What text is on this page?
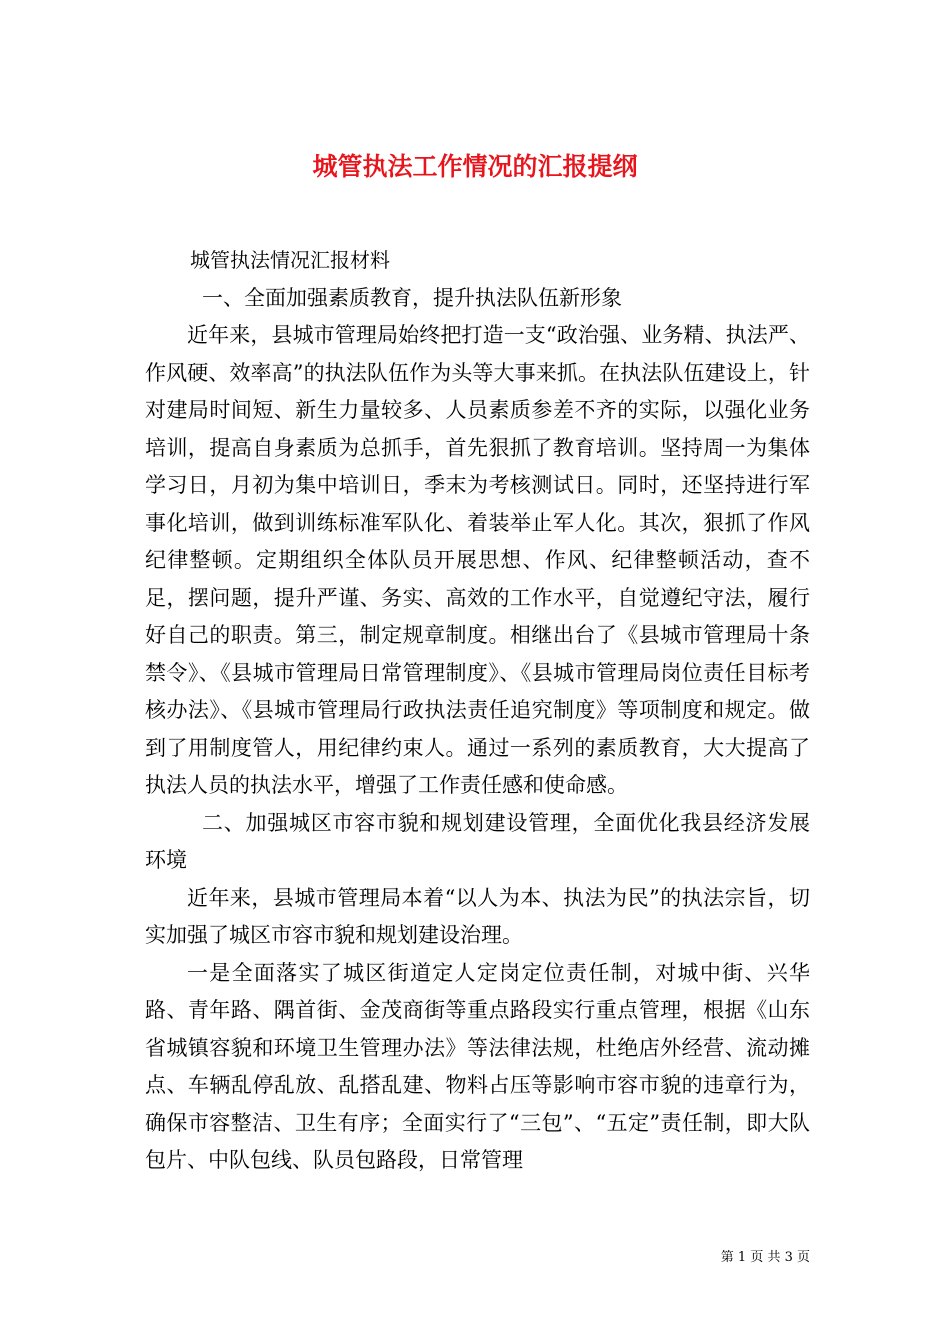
城管执法工作情况的汇报提纲

城管执法情况汇报材料

一、全面加强素质教育，提升执法队伍新形象

近年来，县城市管理局始终把打造一支“政治强、业务精、执法严、作风硬、效率高”的执法队伍作为头等大事来抓。在执法队伍建设上，针对建局时间短、新生力量较多、人员素质参差不齐的实际，以强化业务培训，提高自身素质为总抓手，首先狠抓了教育培训。坚持周一为集体学习日，月初为集中培训日，季末为考核测试日。同时，还坚持进行军事化培训，做到训练标准军队化、着装举止军人化。其次，狠抓了作风纪律整顿。定期组织全体队员开展思想、作风、纪律整顿活动，查不足，摆问题，提升严谨、务实、高效的工作水平，自觉遵纪守法，履行好自己的职责。第三，制定规章制度。相继出台了《县城市管理局十条禁令》、《县城市管理局日常管理制度》、《县城市管理局岗位责任目标考核办法》、《县城市管理局行政执法责任追究制度》等项制度和规定。做到了用制度管人，用纪律约束人。通过一系列的素质教育，大大提高了执法人员的执法水平，增强了工作责任感和使命感。

二、加强城区市容市貌和规划建设管理，全面优化我县经济发展环境

近年来，县城市管理局本着“以人为本、执法为民”的执法宗旨，切实加强了城区市容市貌和规划建设治理。

一是全面落实了城区街道定人定岗定位责任制，对城中街、兴华路、青年路、隅首街、金茂商街等重点路段实行重点管理，根据《山东省城镇容貌和环境卫生管理办法》等法律法规，杜绝店外经营、流动摊点、车辆乱停乱放、乱搭乱建、物料占压等影响市容市貌的违章行为，确保市容整洁、卫生有序；全面实行了“三包”、“五定”责任制，即大队包片、中队包线、队员包路段，日常管理

第 1 页 共 3 页
